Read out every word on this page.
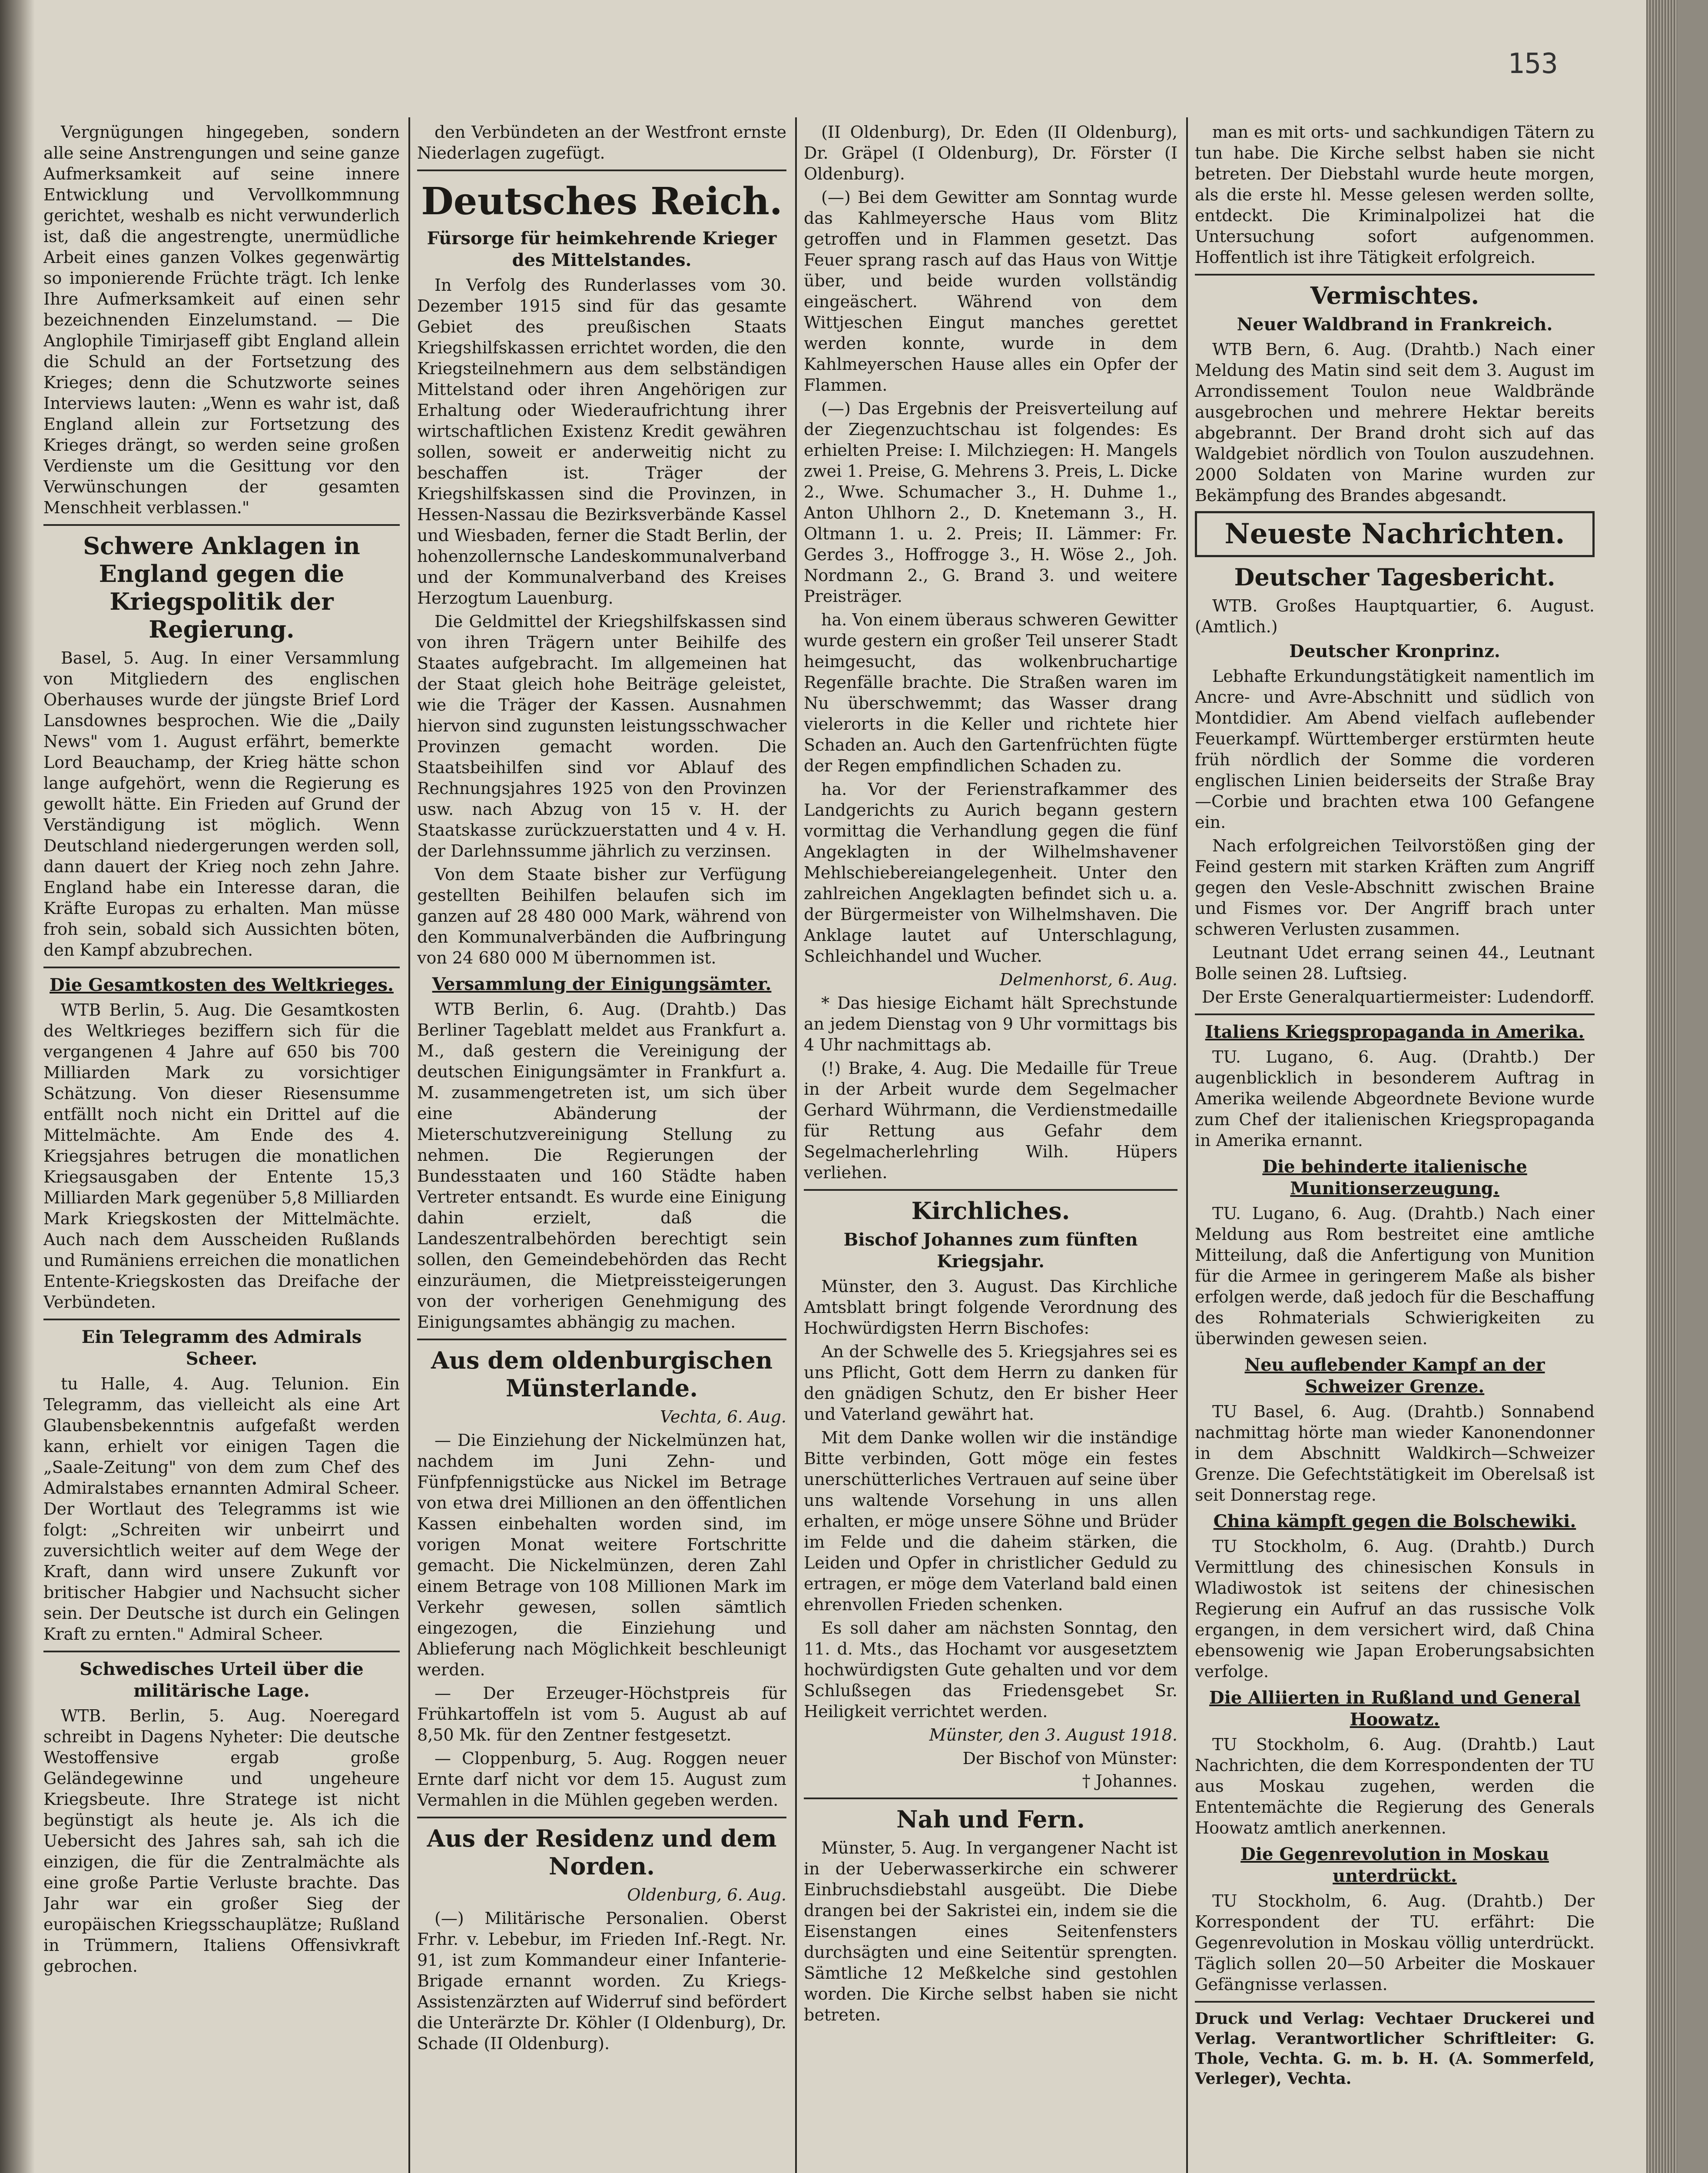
153

Vergnügungen hingegeben, sondern alle seine Anstrengungen und seine ganze Aufmerksamkeit auf seine innere Entwicklung und Vervollkommnung gerichtet, weshalb es nicht verwunderlich ist, daß die angestrengte, unermüdliche Arbeit eines ganzen Volkes gegenwärtig so imponierende Früchte trägt. Ich lenke Ihre Aufmerksamkeit auf einen sehr bezeichnenden Einzelumstand. — Die Anglophile Timirjaseff gibt England allein die Schuld an der Fortsetzung des Krieges; denn die Schutzworte seines Interviews lauten: „Wenn es wahr ist, daß England allein zur Fortsetzung des Krieges drängt, so werden seine großen Verdienste um die Gesittung vor den Verwünschungen der gesamten Menschheit verblassen."

Schwere Anklagen in England gegen die Kriegspolitik der Regierung.

Basel, 5. Aug. In einer Versammlung von Mitgliedern des englischen Oberhauses wurde der jüngste Brief Lord Lansdownes besprochen. Wie die „Daily News" vom 1. August erfährt, bemerkte Lord Beauchamp, der Krieg hätte schon lange aufgehört, wenn die Regierung es gewollt hätte. Ein Frieden auf Grund der Verständigung ist möglich. Wenn Deutschland niedergerungen werden soll, dann dauert der Krieg noch zehn Jahre. England habe ein Interesse daran, die Kräfte Europas zu erhalten. Man müsse froh sein, sobald sich Aussichten böten, den Kampf abzubrechen.

Die Gesamtkosten des Weltkrieges.

WTB Berlin, 5. Aug. Die Gesamtkosten des Weltkrieges beziffern sich für die vergangenen 4 Jahre auf 650 bis 700 Milliarden Mark zu vorsichtiger Schätzung. Von dieser Riesensumme entfällt noch nicht ein Drittel auf die Mittelmächte. Am Ende des 4. Kriegsjahres betrugen die monatlichen Kriegsausgaben der Entente 15,3 Milliarden Mark gegenüber 5,8 Milliarden Mark Kriegskosten der Mittelmächte. Auch nach dem Ausscheiden Rußlands und Rumäniens erreichen die monatlichen Entente-Kriegskosten das Dreifache der Verbündeten.

Ein Telegramm des Admirals Scheer.

tu Halle, 4. Aug. Telunion. Ein Telegramm, das vielleicht als eine Art Glaubensbekenntnis aufgefaßt werden kann, erhielt vor einigen Tagen die „Saale-Zeitung" von dem zum Chef des Admiralstabes ernannten Admiral Scheer. Der Wortlaut des Telegramms ist wie folgt: „Schreiten wir unbeirrt und zuversichtlich weiter auf dem Wege der Kraft, dann wird unsere Zukunft vor britischer Habgier und Nachsucht sicher sein. Der Deutsche ist durch ein Gelingen Kraft zu ernten." Admiral Scheer.

Schwedisches Urteil über die militärische Lage.

WTB. Berlin, 5. Aug. Noeregard schreibt in Dagens Nyheter: Die deutsche Westoffensive ergab große Geländegewinne und ungeheure Kriegsbeute. Ihre Stratege ist nicht begünstigt als heute je. Als ich die Uebersicht des Jahres sah, sah ich die einzigen, die für die Zentralmächte als eine große Partie Verluste brachte. Das Jahr war ein großer Sieg der europäischen Kriegsschauplätze; Rußland in Trümmern, Italiens Offensivkraft gebrochen.

den Verbündeten an der Westfront ernste Niederlagen zugefügt.

Deutsches Reich.
Fürsorge für heimkehrende Krieger des Mittelstandes.

In Verfolg des Runderlasses vom 30. Dezember 1915 sind für das gesamte Gebiet des preußischen Staats Kriegshilfskassen errichtet worden, die den Kriegsteilnehmern aus dem selbständigen Mittelstand oder ihren Angehörigen zur Erhaltung oder Wiederaufrichtung ihrer wirtschaftlichen Existenz Kredit gewähren sollen, soweit er anderweitig nicht zu beschaffen ist. Träger der Kriegshilfskassen sind die Provinzen, in Hessen-Nassau die Bezirksverbände Kassel und Wiesbaden, ferner die Stadt Berlin, der hohenzollernsche Landeskommunalverband und der Kommunalverband des Kreises Herzogtum Lauenburg.

Die Geldmittel der Kriegshilfskassen sind von ihren Trägern unter Beihilfe des Staates aufgebracht. Im allgemeinen hat der Staat gleich hohe Beiträge geleistet, wie die Träger der Kassen. Ausnahmen hiervon sind zugunsten leistungsschwacher Provinzen gemacht worden. Die Staatsbeihilfen sind vor Ablauf des Rechnungsjahres 1925 von den Provinzen usw. nach Abzug von 15 v. H. der Staatskasse zurückzuerstatten und 4 v. H. der Darlehnssumme jährlich zu verzinsen.

Von dem Staate bisher zur Verfügung gestellten Beihilfen belaufen sich im ganzen auf 28 480 000 Mark, während von den Kommunalverbänden die Aufbringung von 24 680 000 M übernommen ist.

Versammlung der Einigungsämter.

WTB Berlin, 6. Aug. (Drahtb.) Das Berliner Tageblatt meldet aus Frankfurt a. M., daß gestern die Vereinigung der deutschen Einigungsämter in Frankfurt a. M. zusammengetreten ist, um sich über eine Abänderung der Mieterschutzvereinigung Stellung zu nehmen. Die Regierungen der Bundesstaaten und 160 Städte haben Vertreter entsandt. Es wurde eine Einigung dahin erzielt, daß die Landeszentralbehörden berechtigt sein sollen, den Gemeindebehörden das Recht einzuräumen, die Mietpreissteigerungen von der vorherigen Genehmigung des Einigungsamtes abhängig zu machen.

Aus dem oldenburgischen Münsterlande.
Vechta, 6. Aug.

— Die Einziehung der Nickelmünzen hat, nachdem im Juni Zehn- und Fünfpfennigstücke aus Nickel im Betrage von etwa drei Millionen an den öffentlichen Kassen einbehalten worden sind, im vorigen Monat weitere Fortschritte gemacht. Die Nickelmünzen, deren Zahl einem Betrage von 108 Millionen Mark im Verkehr gewesen, sollen sämtlich eingezogen, die Einziehung und Ablieferung nach Möglichkeit beschleunigt werden.

— Der Erzeuger-Höchstpreis für Frühkartoffeln ist vom 5. August ab auf 8,50 Mk. für den Zentner festgesetzt.

— Cloppenburg, 5. Aug. Roggen neuer Ernte darf nicht vor dem 15. August zum Vermahlen in die Mühlen gegeben werden.

Aus der Residenz und dem Norden.
Oldenburg, 6. Aug.

(—) Militärische Personalien. Oberst Frhr. v. Lebebur, im Frieden Inf.-Regt. Nr. 91, ist zum Kommandeur einer Infanterie-Brigade ernannt worden. Zu Kriegs-Assistenzärzten auf Widerruf sind befördert die Unterärzte Dr. Köhler (I Oldenburg), Dr. Schade (II Oldenburg).

(II Oldenburg), Dr. Eden (II Oldenburg), Dr. Gräpel (I Oldenburg), Dr. Förster (I Oldenburg).

(—) Bei dem Gewitter am Sonntag wurde das Kahlmeyersche Haus vom Blitz getroffen und in Flammen gesetzt. Das Feuer sprang rasch auf das Haus von Wittje über, und beide wurden vollständig eingeäschert. Während von dem Wittjeschen Eingut manches gerettet werden konnte, wurde in dem Kahlmeyerschen Hause alles ein Opfer der Flammen.

(—) Das Ergebnis der Preisverteilung auf der Ziegenzuchtschau ist folgendes: Es erhielten Preise: I. Milchziegen: H. Mangels zwei 1. Preise, G. Mehrens 3. Preis, L. Dicke 2., Wwe. Schumacher 3., H. Duhme 1., Anton Uhlhorn 2., D. Knetemann 3., H. Oltmann 1. u. 2. Preis; II. Lämmer: Fr. Gerdes 3., Hoffrogge 3., H. Wöse 2., Joh. Nordmann 2., G. Brand 3. und weitere Preisträger.

ha. Von einem überaus schweren Gewitter wurde gestern ein großer Teil unserer Stadt heimgesucht, das wolkenbruchartige Regenfälle brachte. Die Straßen waren im Nu überschwemmt; das Wasser drang vielerorts in die Keller und richtete hier Schaden an. Auch den Gartenfrüchten fügte der Regen empfindlichen Schaden zu.

ha. Vor der Ferienstrafkammer des Landgerichts zu Aurich begann gestern vormittag die Verhandlung gegen die fünf Angeklagten in der Wilhelmshavener Mehlschiebereiangelegenheit. Unter den zahlreichen Angeklagten befindet sich u. a. der Bürgermeister von Wilhelmshaven. Die Anklage lautet auf Unterschlagung, Schleichhandel und Wucher.

Delmenhorst, 6. Aug.

* Das hiesige Eichamt hält Sprechstunde an jedem Dienstag von 9 Uhr vormittags bis 4 Uhr nachmittags ab.

(!) Brake, 4. Aug. Die Medaille für Treue in der Arbeit wurde dem Segelmacher Gerhard Wührmann, die Verdienstmedaille für Rettung aus Gefahr dem Segelmacherlehrling Wilh. Hüpers verliehen.

Kirchliches.
Bischof Johannes zum fünften Kriegsjahr.

Münster, den 3. August. Das Kirchliche Amtsblatt bringt folgende Verordnung des Hochwürdigsten Herrn Bischofes:

An der Schwelle des 5. Kriegsjahres sei es uns Pflicht, Gott dem Herrn zu danken für den gnädigen Schutz, den Er bisher Heer und Vaterland gewährt hat.

Mit dem Danke wollen wir die inständige Bitte verbinden, Gott möge ein festes unerschütterliches Vertrauen auf seine über uns waltende Vorsehung in uns allen erhalten, er möge unsere Söhne und Brüder im Felde und die daheim stärken, die Leiden und Opfer in christlicher Geduld zu ertragen, er möge dem Vaterland bald einen ehrenvollen Frieden schenken.

Es soll daher am nächsten Sonntag, den 11. d. Mts., das Hochamt vor ausgesetztem hochwürdigsten Gute gehalten und vor dem Schlußsegen das Friedensgebet Sr. Heiligkeit verrichtet werden.

Münster, den 3. August 1918.
Der Bischof von Münster:
† Johannes.
Nah und Fern.

Münster, 5. Aug. In vergangener Nacht ist in der Ueberwasserkirche ein schwerer Einbruchsdiebstahl ausgeübt. Die Diebe drangen bei der Sakristei ein, indem sie die Eisenstangen eines Seitenfensters durchsägten und eine Seitentür sprengten. Sämtliche 12 Meßkelche sind gestohlen worden. Die Kirche selbst haben sie nicht betreten.

man es mit orts- und sachkundigen Tätern zu tun habe. Die Kirche selbst haben sie nicht betreten. Der Diebstahl wurde heute morgen, als die erste hl. Messe gelesen werden sollte, entdeckt. Die Kriminalpolizei hat die Untersuchung sofort aufgenommen. Hoffentlich ist ihre Tätigkeit erfolgreich.

Vermischtes.
Neuer Waldbrand in Frankreich.

WTB Bern, 6. Aug. (Drahtb.) Nach einer Meldung des Matin sind seit dem 3. August im Arrondissement Toulon neue Waldbrände ausgebrochen und mehrere Hektar bereits abgebrannt. Der Brand droht sich auf das Waldgebiet nördlich von Toulon auszudehnen. 2000 Soldaten von Marine wurden zur Bekämpfung des Brandes abgesandt.

Neueste Nachrichten.
Deutscher Tagesbericht.

WTB. Großes Hauptquartier, 6. August. (Amtlich.)

Deutscher Kronprinz.

Lebhafte Erkundungstätigkeit namentlich im Ancre- und Avre-Abschnitt und südlich von Montdidier. Am Abend vielfach auflebender Feuerkampf. Württemberger erstürmten heute früh nördlich der Somme die vorderen englischen Linien beiderseits der Straße Bray—Corbie und brachten etwa 100 Gefangene ein.

Nach erfolgreichen Teilvorstößen ging der Feind gestern mit starken Kräften zum Angriff gegen den Vesle-Abschnitt zwischen Braine und Fismes vor. Der Angriff brach unter schweren Verlusten zusammen.

Leutnant Udet errang seinen 44., Leutnant Bolle seinen 28. Luftsieg.

Der Erste Generalquartiermeister: Ludendorff.
Italiens Kriegspropaganda in Amerika.

TU. Lugano, 6. Aug. (Drahtb.) Der augenblicklich in besonderem Auftrag in Amerika weilende Abgeordnete Bevione wurde zum Chef der italienischen Kriegspropaganda in Amerika ernannt.

Die behinderte italienische Munitionserzeugung.

TU. Lugano, 6. Aug. (Drahtb.) Nach einer Meldung aus Rom bestreitet eine amtliche Mitteilung, daß die Anfertigung von Munition für die Armee in geringerem Maße als bisher erfolgen werde, daß jedoch für die Beschaffung des Rohmaterials Schwierigkeiten zu überwinden gewesen seien.

Neu auflebender Kampf an der Schweizer Grenze.

TU Basel, 6. Aug. (Drahtb.) Sonnabend nachmittag hörte man wieder Kanonendonner in dem Abschnitt Waldkirch—Schweizer Grenze. Die Gefechtstätigkeit im Oberelsaß ist seit Donnerstag rege.

China kämpft gegen die Bolschewiki.

TU Stockholm, 6. Aug. (Drahtb.) Durch Vermittlung des chinesischen Konsuls in Wladiwostok ist seitens der chinesischen Regierung ein Aufruf an das russische Volk ergangen, in dem versichert wird, daß China ebensowenig wie Japan Eroberungsabsichten verfolge.

Die Alliierten in Rußland und General Hoowatz.

TU Stockholm, 6. Aug. (Drahtb.) Laut Nachrichten, die dem Korrespondenten der TU aus Moskau zugehen, werden die Ententemächte die Regierung des Generals Hoowatz amtlich anerkennen.

Die Gegenrevolution in Moskau unterdrückt.

TU Stockholm, 6. Aug. (Drahtb.) Der Korrespondent der TU. erfährt: Die Gegenrevolution in Moskau völlig unterdrückt. Täglich sollen 20—50 Arbeiter die Moskauer Gefängnisse verlassen.

Druck und Verlag: Vechtaer Druckerei und Verlag. Verantwortlicher Schriftleiter: G. Thole, Vechta. G. m. b. H. (A. Sommerfeld, Verleger), Vechta.
